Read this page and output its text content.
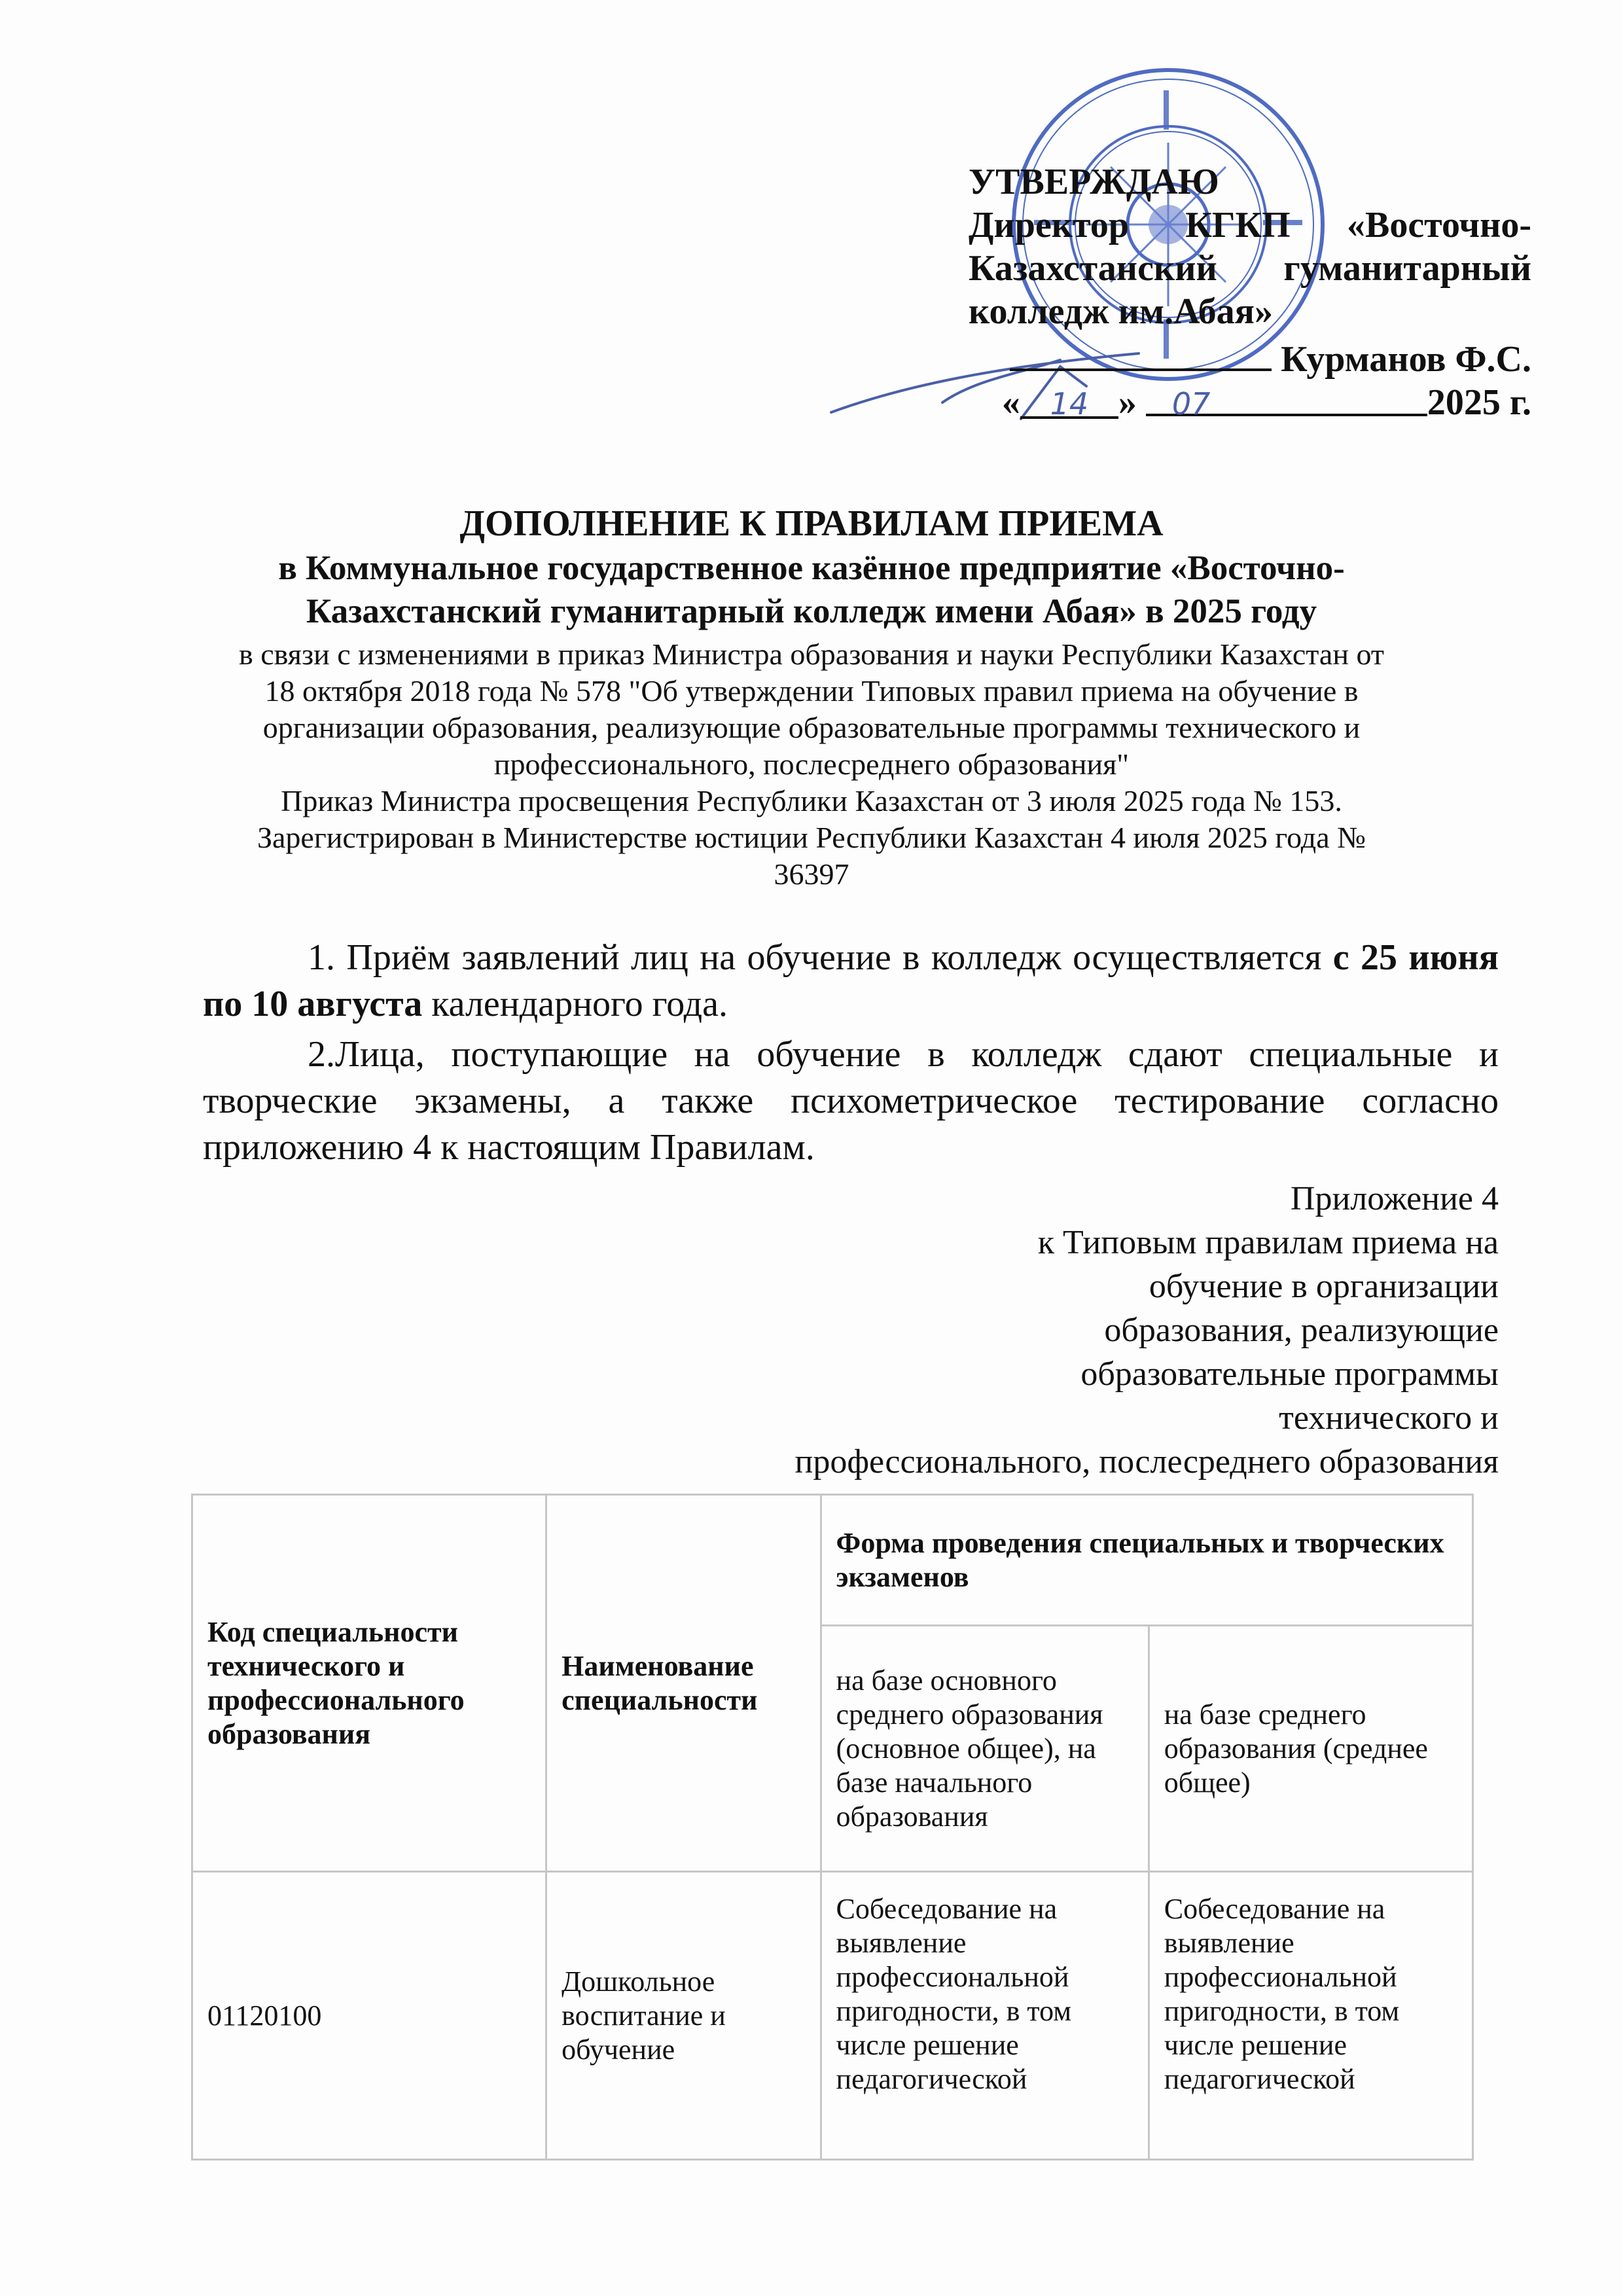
УТВЕРЖДАЮ
Директор КГКП «Восточно-
Казахстанский гуманитарный
колледж им.Абая»
Курманов Ф.С.
« 14 » 07	2025 г.
ДОПОЛНЕНИЕ К ПРАВИЛАМ ПРИЕМА
в Коммунальное государственное казённое предприятие «Восточно-Казахстанский гуманитарный колледж имени Абая» в 2025 году
в связи с изменениями в приказ Министра образования и науки Республики Казахстан от 18 октября 2018 года № 578 "Об утверждении Типовых правил приема на обучение в организации образования, реализующие образовательные программы технического и профессионального, послесреднего образования"
Приказ Министра просвещения Республики Казахстан от 3 июля 2025 года № 153.
Зарегистрирован в Министерстве юстиции Республики Казахстан 4 июля 2025 года № 36397
1. Приём заявлений лиц на обучение в колледж осуществляется с 25 июня по 10 августа календарного года.
2.Лица, поступающие на обучение в колледж сдают специальные и творческие экзамены, а также психометрическое тестирование согласно приложению 4 к настоящим Правилам.
Приложение 4
к Типовым правилам приема на
обучение в организации
образования, реализующие
образовательные программы
технического и
профессионального, послесреднего образования
Код специальности технического и профессионального образования	Наименование специальности	Форма проведения специальных и творческих экзаменов	
		на базе основного среднего образования (основное общее), на базе начального образования	на базе среднего образования (среднее общее)
01120100	Дошкольное воспитание и обучение	Собеседование на выявление профессиональной пригодности, в том числе решение педагогической	Собеседование на выявление профессиональной пригодности, в том числе решение педагогической
